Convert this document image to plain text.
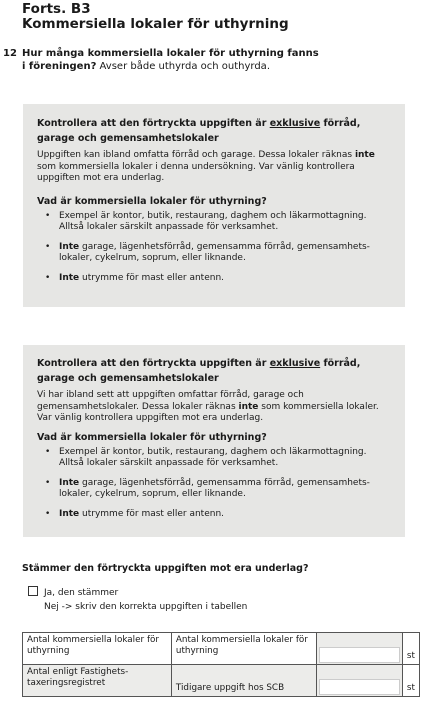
Forts. B3
Kommersiella lokaler för uthyrning
12 Hur många kommersiella lokaler för uthyrning fanns
i föreningen? Avser både uthyrda och outhyrda.
Kontrollera att den förtryckta uppgiften är exklusive förråd, garage och gemensamhetslokaler

Uppgiften kan ibland omfatta förråd och garage. Dessa lokaler räknas inte som kommersiella lokaler i denna undersökning. Var vänlig kontrollera uppgiften mot era underlag.

Vad är kommersiella lokaler för uthyrning?
• Exempel är kontor, butik, restaurang, daghem och läkarmottagning. Alltså lokaler särskilt anpassade för verksamhet.
• Inte garage, lägenhetsförråd, gemensamma förråd, gemensamhets-lokaler, cykelrum, soprum, eller liknande.
• Inte utrymme för mast eller antenn.
Kontrollera att den förtryckta uppgiften är exklusive förråd, garage och gemensamhetslokaler

Vi har ibland sett att uppgiften omfattar förråd, garage och gemensamhetslokaler. Dessa lokaler räknas inte som kommersiella lokaler. Var vänlig kontrollera uppgiften mot era underlag.

Vad är kommersiella lokaler för uthyrning?
• Exempel är kontor, butik, restaurang, daghem och läkarmottagning. Alltså lokaler särskilt anpassade för verksamhet.
• Inte garage, lägenhetsförråd, gemensamma förråd, gemensamhets-lokaler, cykelrum, soprum, eller liknande.
• Inte utrymme för mast eller antenn.
Stämmer den förtryckta uppgiften mot era underlag?
Ja, den stämmer
Nej -> skriv den korrekta uppgiften i tabellen
Antal kommersiella lokaler för uthyrning	Antal kommersiella lokaler för uthyrning		st
Antal enligt Fastighets-taxeringsregistret	Tidigare uppgift hos SCB		st
